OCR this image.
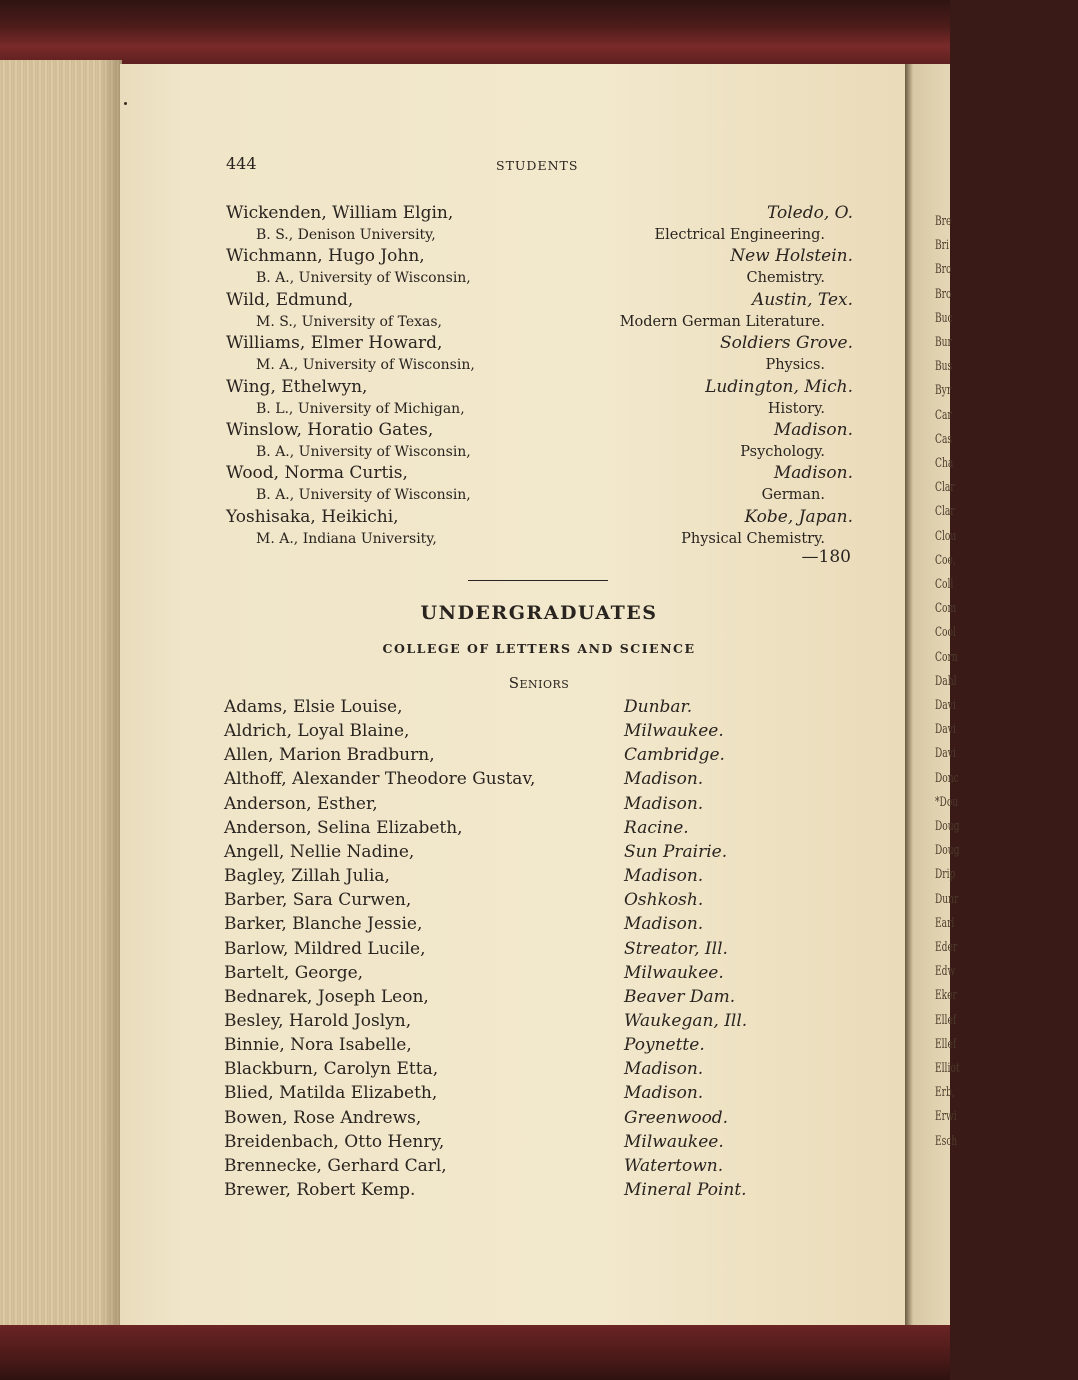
Bre
Bri
Bro
Bro
Buc
Bur
Bus
Byr
Car
Cas
Cha
Clar
Clar
Clou
Coe,
Coll
Com
Cool
Corn
Dahl
Davi
Davi
Davi
Donc
*Dou
Doug
Doug
Drip
Dunr
Earl
Eder
Edw
Eker
Ellef
Ellef
Elliot
Erb,
Erwi
Esch
444	STUDENTS
Wickenden, William Elgin,	Toledo, O.
B. S., Denison University,	Electrical Engineering.
Wichmann, Hugo John,	New Holstein.
B. A., University of Wisconsin,	Chemistry.
Wild, Edmund,	Austin, Tex.
M. S., University of Texas,	Modern German Literature.
Williams, Elmer Howard,	Soldiers Grove.
M. A., University of Wisconsin,	Physics.
Wing, Ethelwyn,	Ludington, Mich.
B. L., University of Michigan,	History.
Winslow, Horatio Gates,	Madison.
B. A., University of Wisconsin,	Psychology.
Wood, Norma Curtis,	Madison.
B. A., University of Wisconsin,	German.
Yoshisaka, Heikichi,	Kobe, Japan.
M. A., Indiana University,	Physical Chemistry.
—180
UNDERGRADUATES
COLLEGE OF LETTERS AND SCIENCE
Seniors
Adams, Elsie Louise,	Dunbar.
Aldrich, Loyal Blaine,	Milwaukee.
Allen, Marion Bradburn,	Cambridge.
Althoff, Alexander Theodore Gustav,	Madison.
Anderson, Esther,	Madison.
Anderson, Selina Elizabeth,	Racine.
Angell, Nellie Nadine,	Sun Prairie.
Bagley, Zillah Julia,	Madison.
Barber, Sara Curwen,	Oshkosh.
Barker, Blanche Jessie,	Madison.
Barlow, Mildred Lucile,	Streator, Ill.
Bartelt, George,	Milwaukee.
Bednarek, Joseph Leon,	Beaver Dam.
Besley, Harold Joslyn,	Waukegan, Ill.
Binnie, Nora Isabelle,	Poynette.
Blackburn, Carolyn Etta,	Madison.
Blied, Matilda Elizabeth,	Madison.
Bowen, Rose Andrews,	Greenwood.
Breidenbach, Otto Henry,	Milwaukee.
Brennecke, Gerhard Carl,	Watertown.
Brewer, Robert Kemp.	Mineral Point.
